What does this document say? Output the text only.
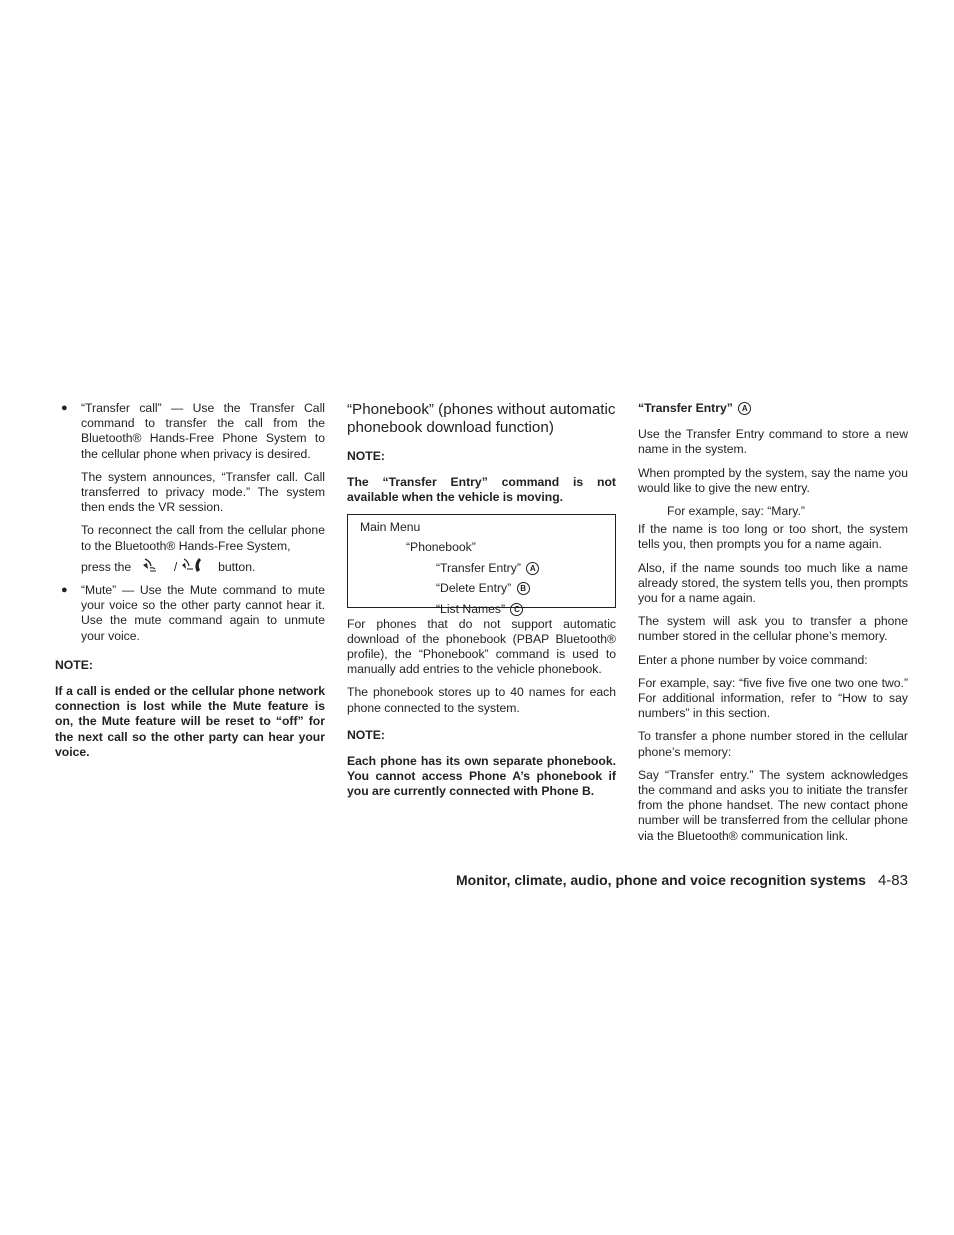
● “Transfer call” — Use the Transfer Call command to transfer the call from the Bluetooth® Hands-Free Phone System to the cellular phone when privacy is desired.

The system announces, “Transfer call. Call transferred to privacy mode.” The system then ends the VR session.

To reconnect the call from the cellular phone to the Bluetooth® Hands-Free System,

press the	/	button.

● “Mute” — Use the Mute command to mute your voice so the other party cannot hear it. Use the mute command again to unmute your voice.

NOTE:

If a call is ended or the cellular phone network connection is lost while the Mute feature is on, the Mute feature will be reset to “off” for the next call so the other party can hear your voice.

“Phonebook” (phones without automatic phonebook download function)

NOTE:

The “Transfer Entry” command is not available when the vehicle is moving.

Main Menu
“Phonebook”
“Transfer Entry” A
“Delete Entry” B
“List Names” C

For phones that do not support automatic download of the phonebook (PBAP Bluetooth® profile), the “Phonebook” command is used to manually add entries to the vehicle phonebook.

The phonebook stores up to 40 names for each phone connected to the system.

NOTE:

Each phone has its own separate phonebook. You cannot access Phone A’s phonebook if you are currently connected with Phone B.

“Transfer Entry” A

Use the Transfer Entry command to store a new name in the system.

When prompted by the system, say the name you would like to give the new entry.

For example, say: “Mary.”

If the name is too long or too short, the system tells you, then prompts you for a name again.

Also, if the name sounds too much like a name already stored, the system tells you, then prompts you for a name again.

The system will ask you to transfer a phone number stored in the cellular phone’s memory.

Enter a phone number by voice command:

For example, say: “five five five one two one two.” For additional information, refer to “How to say numbers” in this section.

To transfer a phone number stored in the cellular phone’s memory:

Say “Transfer entry.” The system acknowledges the command and asks you to initiate the transfer from the phone handset. The new contact phone number will be transferred from the cellular phone via the Bluetooth® communication link.

Monitor, climate, audio, phone and voice recognition systems 4-83
